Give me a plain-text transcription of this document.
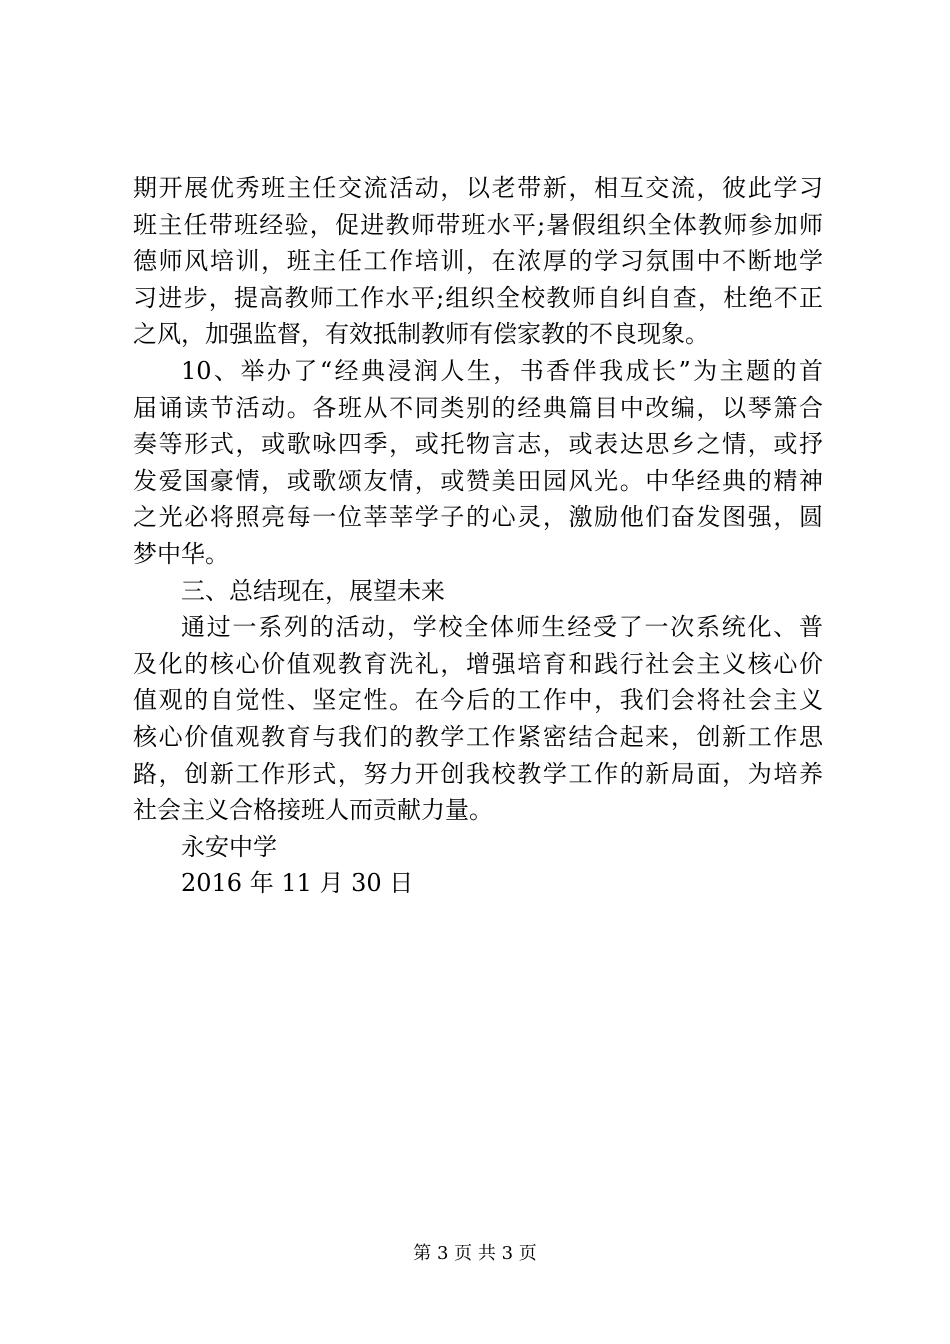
期开展优秀班主任交流活动，以老带新，相互交流，彼此学习
班主任带班经验，促进教师带班水平;暑假组织全体教师参加师
德师风培训，班主任工作培训，在浓厚的学习氛围中不断地学
习进步，提高教师工作水平;组织全校教师自纠自查，杜绝不正
之风，加强监督，有效抵制教师有偿家教的不良现象。
10、举办了“经典浸润人生，书香伴我成长”为主题的首
届诵读节活动。各班从不同类别的经典篇目中改编，以琴箫合
奏等形式，或歌咏四季，或托物言志，或表达思乡之情，或抒
发爱国豪情，或歌颂友情，或赞美田园风光。中华经典的精神
之光必将照亮每一位莘莘学子的心灵，激励他们奋发图强，圆
梦中华。
三、总结现在，展望未来
通过一系列的活动，学校全体师生经受了一次系统化、普
及化的核心价值观教育洗礼，增强培育和践行社会主义核心价
值观的自觉性、坚定性。在今后的工作中，我们会将社会主义
核心价值观教育与我们的教学工作紧密结合起来，创新工作思
路，创新工作形式，努力开创我校教学工作的新局面，为培养
社会主义合格接班人而贡献力量。
永安中学
2016 年 11 月 30 日
第 3 页 共 3 页
